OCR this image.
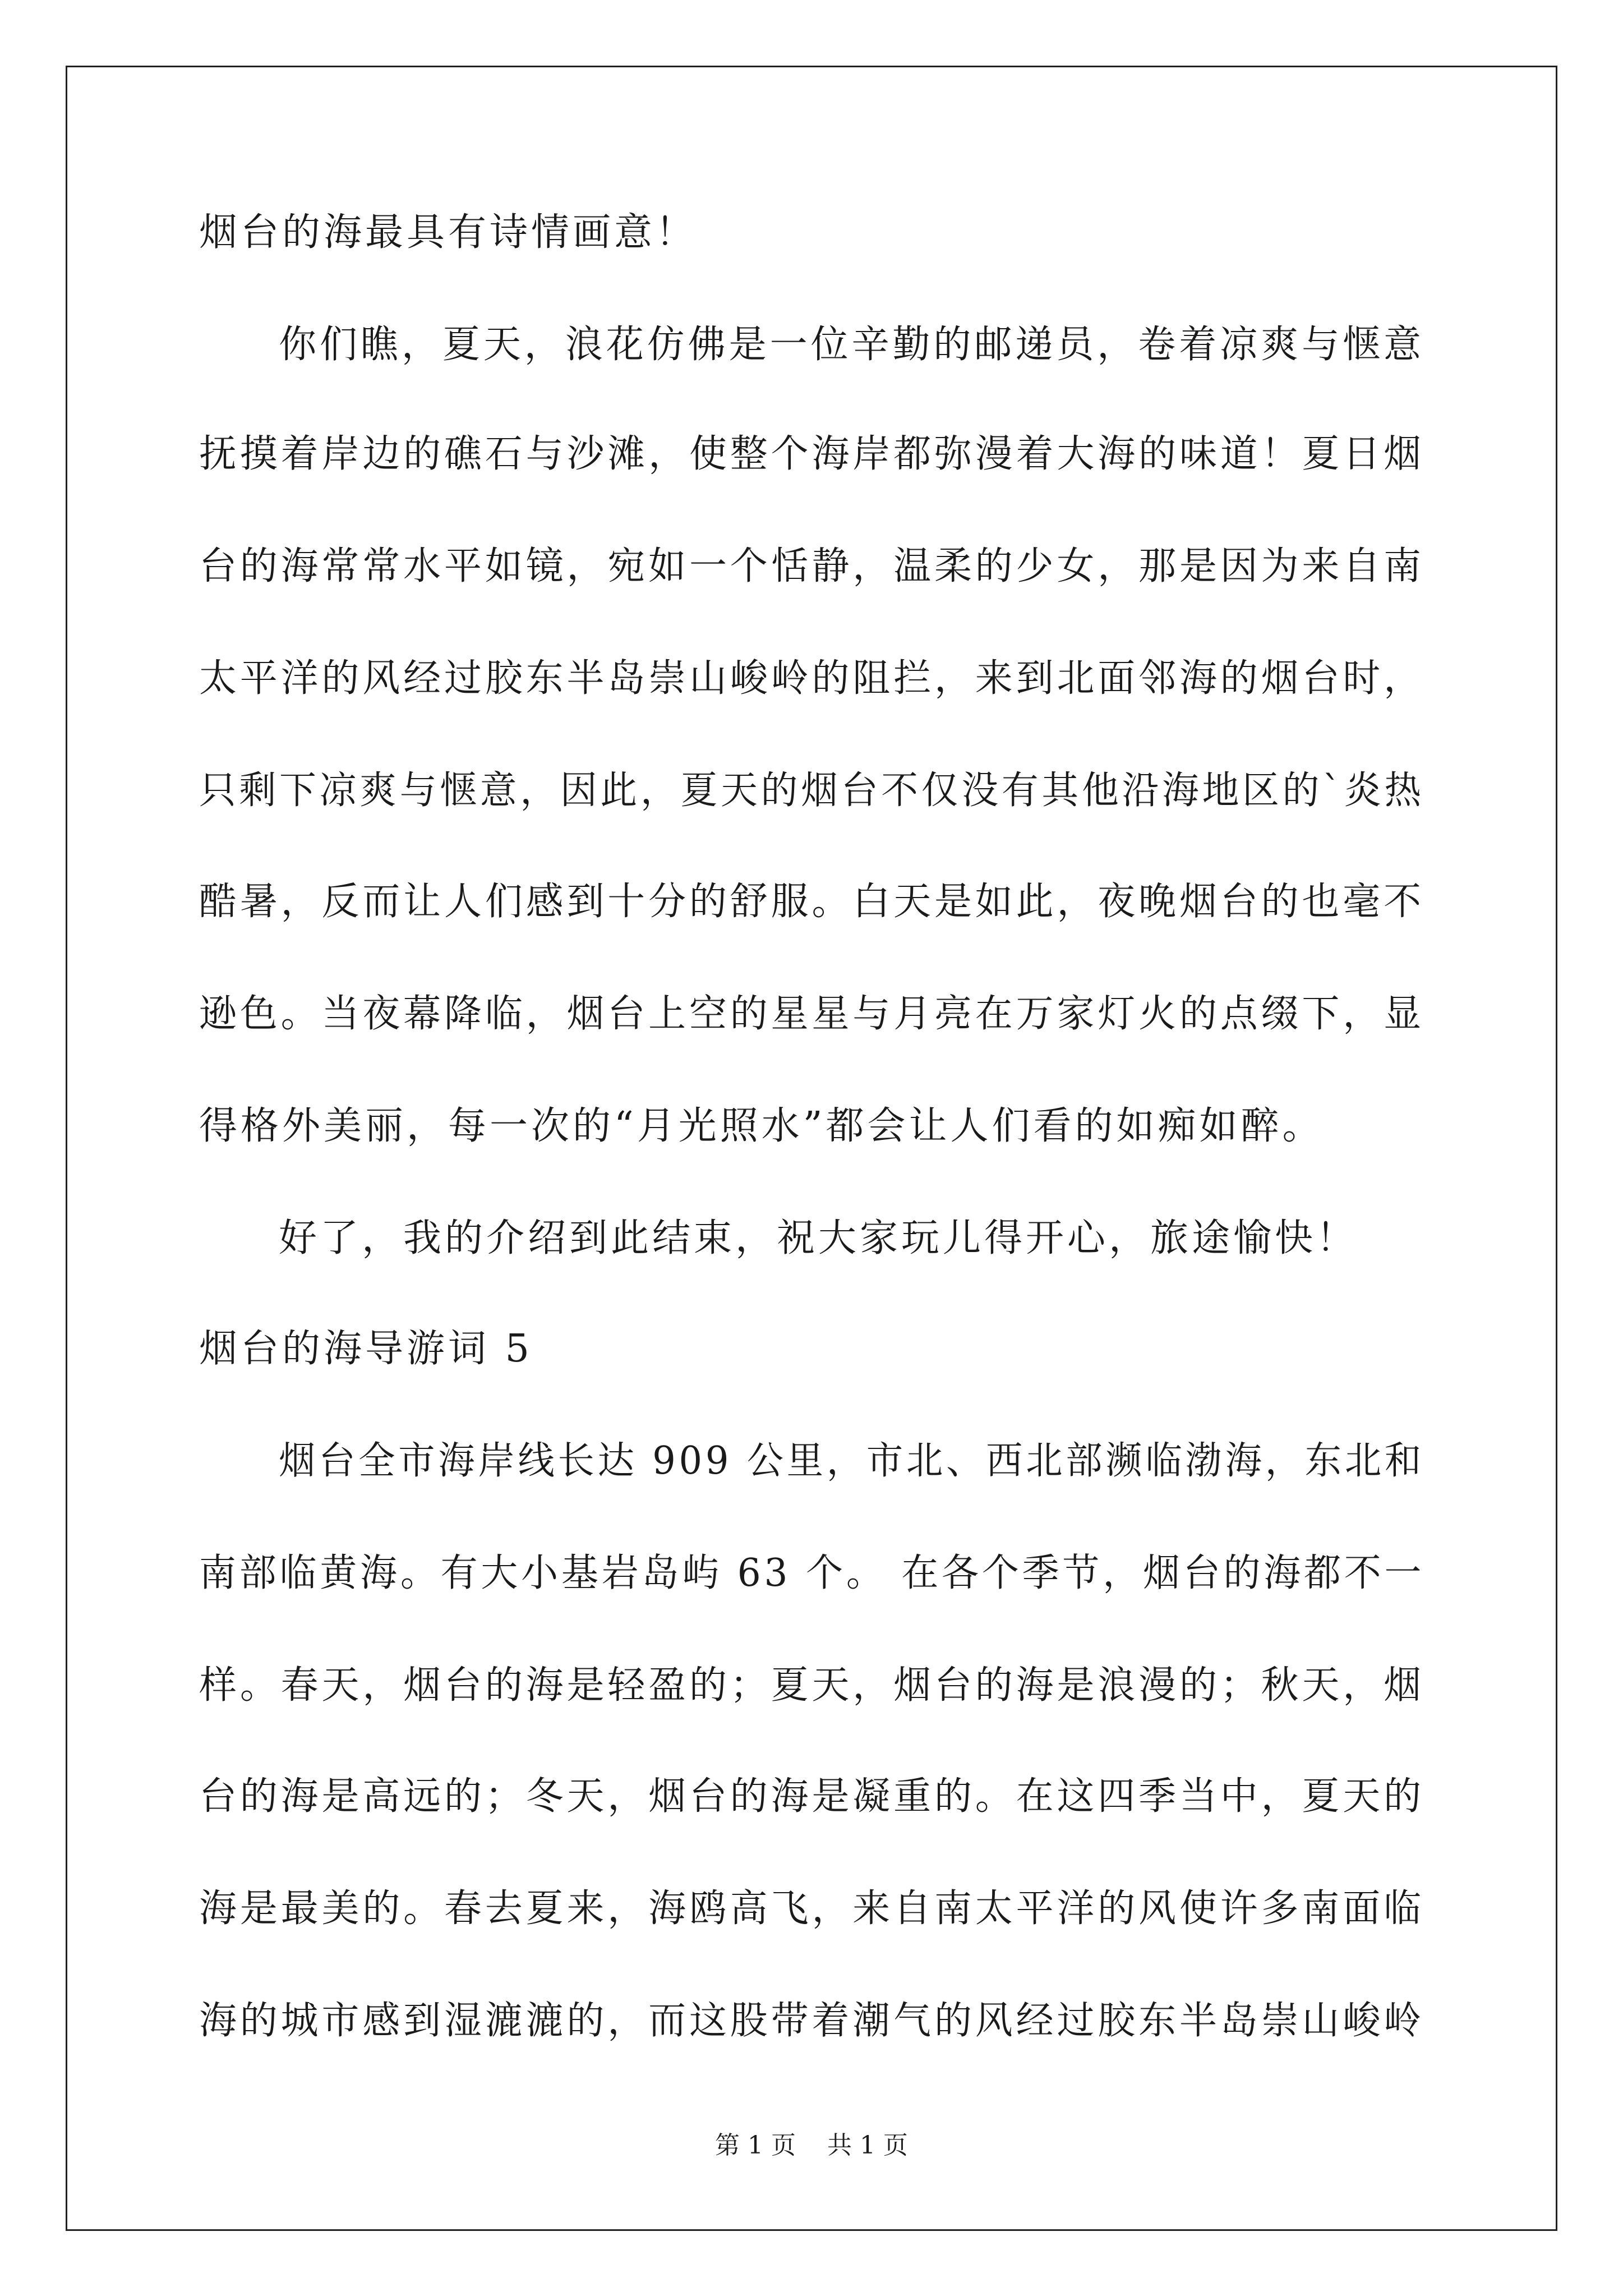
烟台的海最具有诗情画意！
你们瞧，夏天，浪花仿佛是一位辛勤的邮递员，卷着凉爽与惬意
抚摸着岸边的礁石与沙滩，使整个海岸都弥漫着大海的味道！夏日烟
台的海常常水平如镜，宛如一个恬静，温柔的少女，那是因为来自南
太平洋的风经过胶东半岛崇山峻岭的阻拦，来到北面邻海的烟台时，
只剩下凉爽与惬意，因此，夏天的烟台不仅没有其他沿海地区的`炎热
酷暑，反而让人们感到十分的舒服。白天是如此，夜晚烟台的也毫不
逊色。当夜幕降临，烟台上空的星星与月亮在万家灯火的点缀下，显
得格外美丽，每一次的“月光照水”都会让人们看的如痴如醉。
好了，我的介绍到此结束，祝大家玩儿得开心，旅途愉快！
烟台的海导游词 5
烟台全市海岸线长达 909 公里，市北、西北部濒临渤海，东北和
南部临黄海。有大小基岩岛屿 63 个。 在各个季节，烟台的海都不一
样。春天，烟台的海是轻盈的；夏天，烟台的海是浪漫的；秋天，烟
台的海是高远的；冬天，烟台的海是凝重的。在这四季当中，夏天的
海是最美的。春去夏来，海鸥高飞，来自南太平洋的风使许多南面临
海的城市感到湿漉漉的，而这股带着潮气的风经过胶东半岛崇山峻岭
第 1 页    共 1 页
